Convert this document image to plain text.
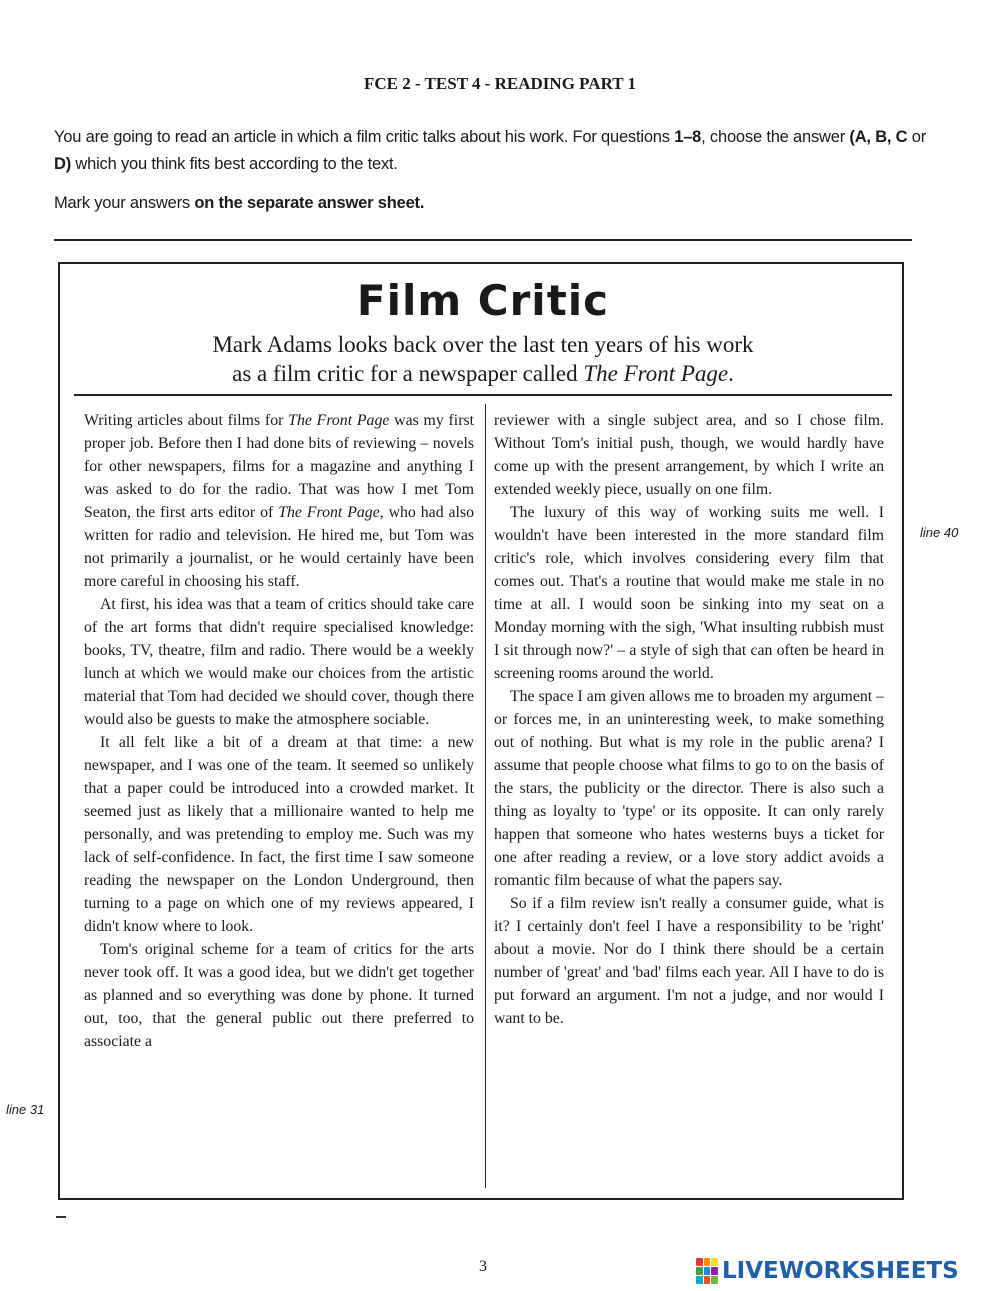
FCE 2 - TEST 4 - READING PART 1

You are going to read an article in which a film critic talks about his work. For questions 1–8, choose the answer (A, B, C or D) which you think fits best according to the text.

Mark your answers on the separate answer sheet.

Film Critic
Mark Adams looks back over the last ten years of his work
as a film critic for a newspaper called The Front Page.

Writing articles about films for The Front Page was my first proper job. Before then I had done bits of reviewing – novels for other newspapers, films for a magazine and anything I was asked to do for the radio. That was how I met Tom Seaton, the first arts editor of The Front Page, who had also written for radio and television. He hired me, but Tom was not primarily a journalist, or he would certainly have been more careful in choosing his staff.

At first, his idea was that a team of critics should take care of the art forms that didn't require specialised knowledge: books, TV, theatre, film and radio. There would be a weekly lunch at which we would make our choices from the artistic material that Tom had decided we should cover, though there would also be guests to make the atmosphere sociable.

It all felt like a bit of a dream at that time: a new newspaper, and I was one of the team. It seemed so unlikely that a paper could be introduced into a crowded market. It seemed just as likely that a millionaire wanted to help me personally, and was pretending to employ me. Such was my lack of self-confidence. In fact, the first time I saw someone reading the newspaper on the London Underground, then turning to a page on which one of my reviews appeared, I didn't know where to look.

Tom's original scheme for a team of critics for the arts never took off. It was a good idea, but we didn't get together as planned and so everything was done by phone. It turned out, too, that the general public out there preferred to associate a

reviewer with a single subject area, and so I chose film. Without Tom's initial push, though, we would hardly have come up with the present arrangement, by which I write an extended weekly piece, usually on one film.

The luxury of this way of working suits me well. I wouldn't have been interested in the more standard film critic's role, which involves considering every film that comes out. That's a routine that would make me stale in no time at all. I would soon be sinking into my seat on a Monday morning with the sigh, 'What insulting rubbish must I sit through now?' – a style of sigh that can often be heard in screening rooms around the world.

The space I am given allows me to broaden my argument – or forces me, in an uninteresting week, to make something out of nothing. But what is my role in the public arena? I assume that people choose what films to go to on the basis of the stars, the publicity or the director. There is also such a thing as loyalty to 'type' or its opposite. It can only rarely happen that someone who hates westerns buys a ticket for one after reading a review, or a love story addict avoids a romantic film because of what the papers say.

So if a film review isn't really a consumer guide, what is it? I certainly don't feel I have a responsibility to be 'right' about a movie. Nor do I think there should be a certain number of 'great' and 'bad' films each year. All I have to do is put forward an argument. I'm not a judge, and nor would I want to be.

line 31
line 40
3	LIVEWORKSHEETS
